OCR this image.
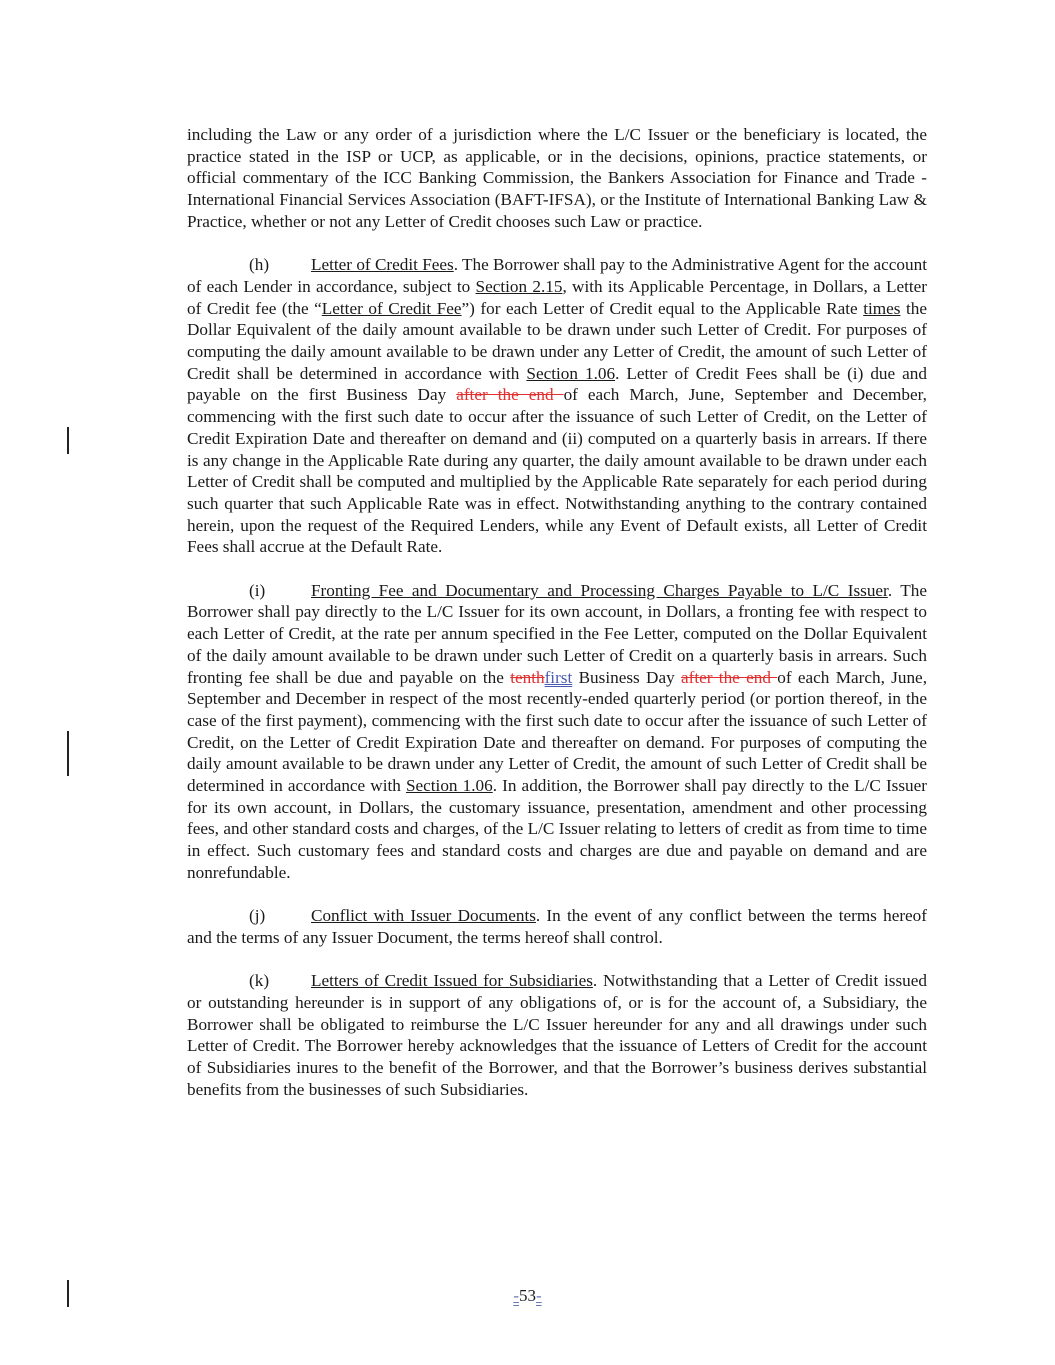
including the Law or any order of a jurisdiction where the L/C Issuer or the beneficiary is located, the practice stated in the ISP or UCP, as applicable, or in the decisions, opinions, practice statements, or official commentary of the ICC Banking Commission, the Bankers Association for Finance and Trade - International Financial Services Association (BAFT-IFSA), or the Institute of International Banking Law & Practice, whether or not any Letter of Credit chooses such Law or practice.

(h) Letter of Credit Fees. The Borrower shall pay to the Administrative Agent for the account of each Lender in accordance, subject to Section 2.15, with its Applicable Percentage, in Dollars, a Letter of Credit fee (the “Letter of Credit Fee”) for each Letter of Credit equal to the Applicable Rate times the Dollar Equivalent of the daily amount available to be drawn under such Letter of Credit. For purposes of computing the daily amount available to be drawn under any Letter of Credit, the amount of such Letter of Credit shall be determined in accordance with Section 1.06. Letter of Credit Fees shall be (i) due and payable on the first Business Day after the end of each March, June, September and December, commencing with the first such date to occur after the issuance of such Letter of Credit, on the Letter of Credit Expiration Date and thereafter on demand and (ii) computed on a quarterly basis in arrears. If there is any change in the Applicable Rate during any quarter, the daily amount available to be drawn under each Letter of Credit shall be computed and multiplied by the Applicable Rate separately for each period during such quarter that such Applicable Rate was in effect. Notwithstanding anything to the contrary contained herein, upon the request of the Required Lenders, while any Event of Default exists, all Letter of Credit Fees shall accrue at the Default Rate.

(i)	Fronting Fee and Documentary and Processing Charges Payable to L/C Issuer. The Borrower shall pay directly to the L/C Issuer for its own account, in Dollars, a fronting fee with respect to each Letter of Credit, at the rate per annum specified in the Fee Letter, computed on the Dollar Equivalent of the daily amount available to be drawn under such Letter of Credit on a quarterly basis in arrears. Such fronting fee shall be due and payable on the tenthfirst Business Day after the end of each March, June, September and December in respect of the most recently-ended quarterly period (or portion thereof, in the case of the first payment), commencing with the first such date to occur after the issuance of such Letter of Credit, on the Letter of Credit Expiration Date and thereafter on demand. For purposes of computing the daily amount available to be drawn under any Letter of Credit, the amount of such Letter of Credit shall be determined in accordance with Section 1.06. In addition, the Borrower shall pay directly to the L/C Issuer for its own account, in Dollars, the customary issuance, presentation, amendment and other processing fees, and other standard costs and charges, of the L/C Issuer relating to letters of credit as from time to time in effect. Such customary fees and standard costs and charges are due and payable on demand and are nonrefundable.

(j)	Conflict with Issuer Documents. In the event of any conflict between the terms hereof and the terms of any Issuer Document, the terms hereof shall control.

(k) Letters of Credit Issued for Subsidiaries. Notwithstanding that a Letter of Credit issued or outstanding hereunder is in support of any obligations of, or is for the account of, a Subsidiary, the Borrower shall be obligated to reimburse the L/C Issuer hereunder for any and all drawings under such Letter of Credit. The Borrower hereby acknowledges that the issuance of Letters of Credit for the account of Subsidiaries inures to the benefit of the Borrower, and that the Borrower’s business derives substantial benefits from the businesses of such Subsidiaries.

-53-
